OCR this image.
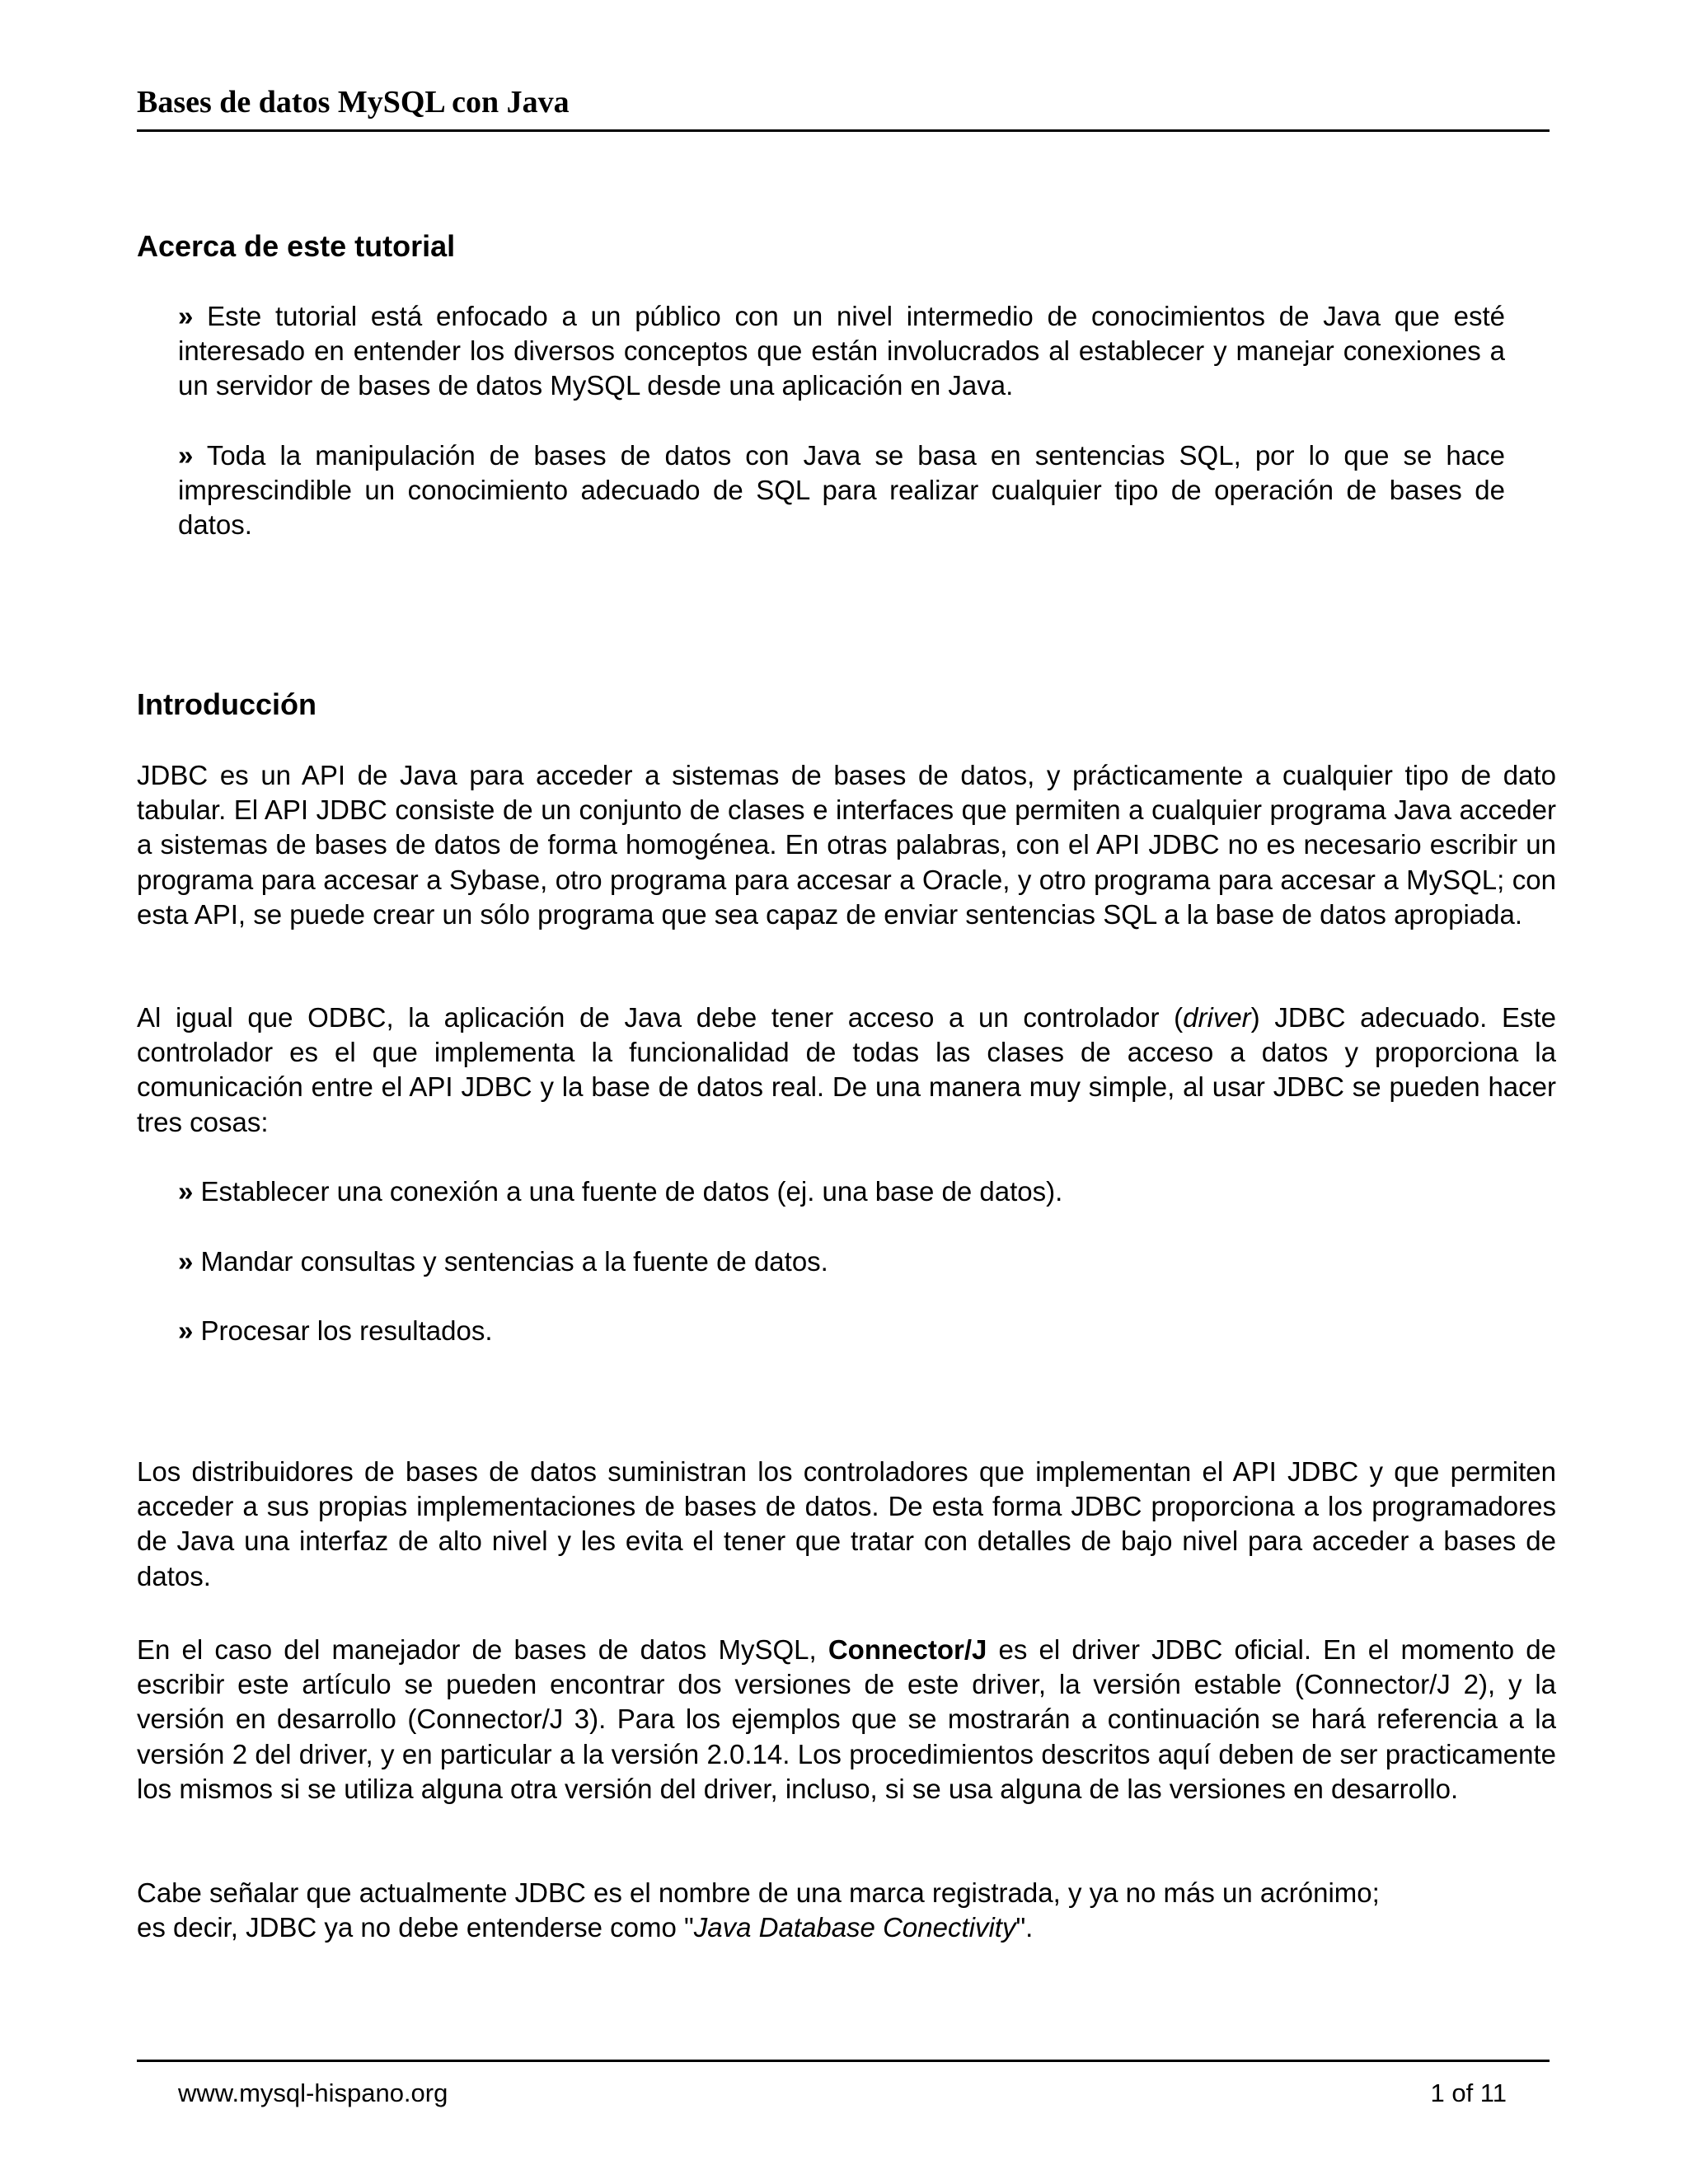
Bases de datos MySQL con Java
Acerca de este tutorial

» Este tutorial está enfocado a un público con un nivel intermedio de conocimientos de Java que esté interesado en entender los diversos conceptos que están involucrados al establecer y manejar conexiones a un servidor de bases de datos MySQL desde una aplicación en Java.

» Toda la manipulación de bases de datos con Java se basa en sentencias SQL, por lo que se hace imprescindible un conocimiento adecuado de SQL para realizar cualquier tipo de operación de bases de datos.

Introducción

JDBC es un API de Java para acceder a sistemas de bases de datos, y prácticamente a cualquier tipo de dato tabular. El API JDBC consiste de un conjunto de clases e interfaces que permiten a cualquier programa Java acceder a sistemas de bases de datos de forma homogénea. En otras palabras, con el API JDBC no es necesario escribir un programa para accesar a Sybase, otro programa para accesar a Oracle, y otro programa para accesar a MySQL; con esta API, se puede crear un sólo programa que sea capaz de enviar sentencias SQL a la base de datos apropiada.

Al igual que ODBC, la aplicación de Java debe tener acceso a un controlador (driver) JDBC adecuado. Este controlador es el que implementa la funcionalidad de todas las clases de acceso a datos y proporciona la comunicación entre el API JDBC y la base de datos real. De una manera muy simple, al usar JDBC se pueden hacer tres cosas:

» Establecer una conexión a una fuente de datos (ej. una base de datos).

» Mandar consultas y sentencias a la fuente de datos.

» Procesar los resultados.

Los distribuidores de bases de datos suministran los controladores que implementan el API JDBC y que permiten acceder a sus propias implementaciones de bases de datos. De esta forma JDBC proporciona a los programadores de Java una interfaz de alto nivel y les evita el tener que tratar con detalles de bajo nivel para acceder a bases de datos.

En el caso del manejador de bases de datos MySQL, Connector/J es el driver JDBC oficial. En el momento de escribir este artículo se pueden encontrar dos versiones de este driver, la versión estable (Connector/J 2), y la versión en desarrollo (Connector/J 3). Para los ejemplos que se mostrarán a continuación se hará referencia a la versión 2 del driver, y en particular a la versión 2.0.14. Los procedimientos descritos aquí deben de ser practicamente los mismos si se utiliza alguna otra versión del driver, incluso, si se usa alguna de las versiones en desarrollo.

Cabe señalar que actualmente JDBC es el nombre de una marca registrada, y ya no más un acrónimo;
es decir, JDBC ya no debe entenderse como "Java Database Conectivity".

www.mysql-hispano.org	1 of 11
